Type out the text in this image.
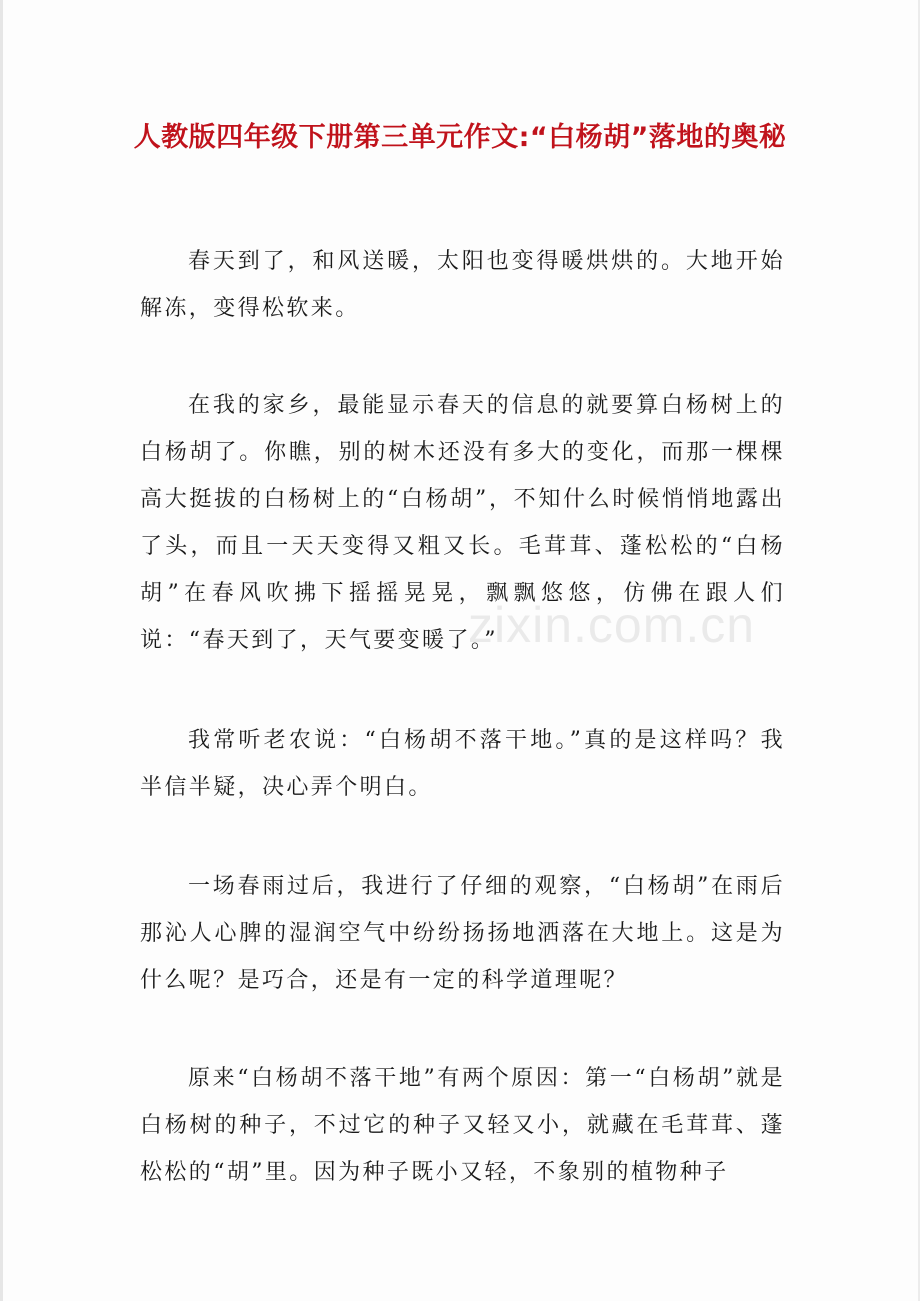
人教版四年级下册第三单元作文:“白杨胡”落地的奥秘
春天到了，和风送暖，太阳也变得暖烘烘的。大地开始解冻，变得松软来。
在我的家乡，最能显示春天的信息的就要算白杨树上的白杨胡了。你瞧，别的树木还没有多大的变化，而那一棵棵高大挺拔的白杨树上的“白杨胡”，不知什么时候悄悄地露出了头，而且一天天变得又粗又长。毛茸茸、蓬松松的“白杨胡”在春风吹拂下摇摇晃晃，飘飘悠悠，仿佛在跟人们说：“春天到了，天气要变暖了。”
我常听老农说：“白杨胡不落干地。”真的是这样吗？我半信半疑，决心弄个明白。
一场春雨过后，我进行了仔细的观察，“白杨胡”在雨后那沁人心脾的湿润空气中纷纷扬扬地洒落在大地上。这是为什么呢？是巧合，还是有一定的科学道理呢？
原来“白杨胡不落干地”有两个原因：第一“白杨胡”就是白杨树的种子，不过它的种子又轻又小，就藏在毛茸茸、蓬松松的“胡”里。因为种子既小又轻，不象别的植物种子
zixin.com.cn
